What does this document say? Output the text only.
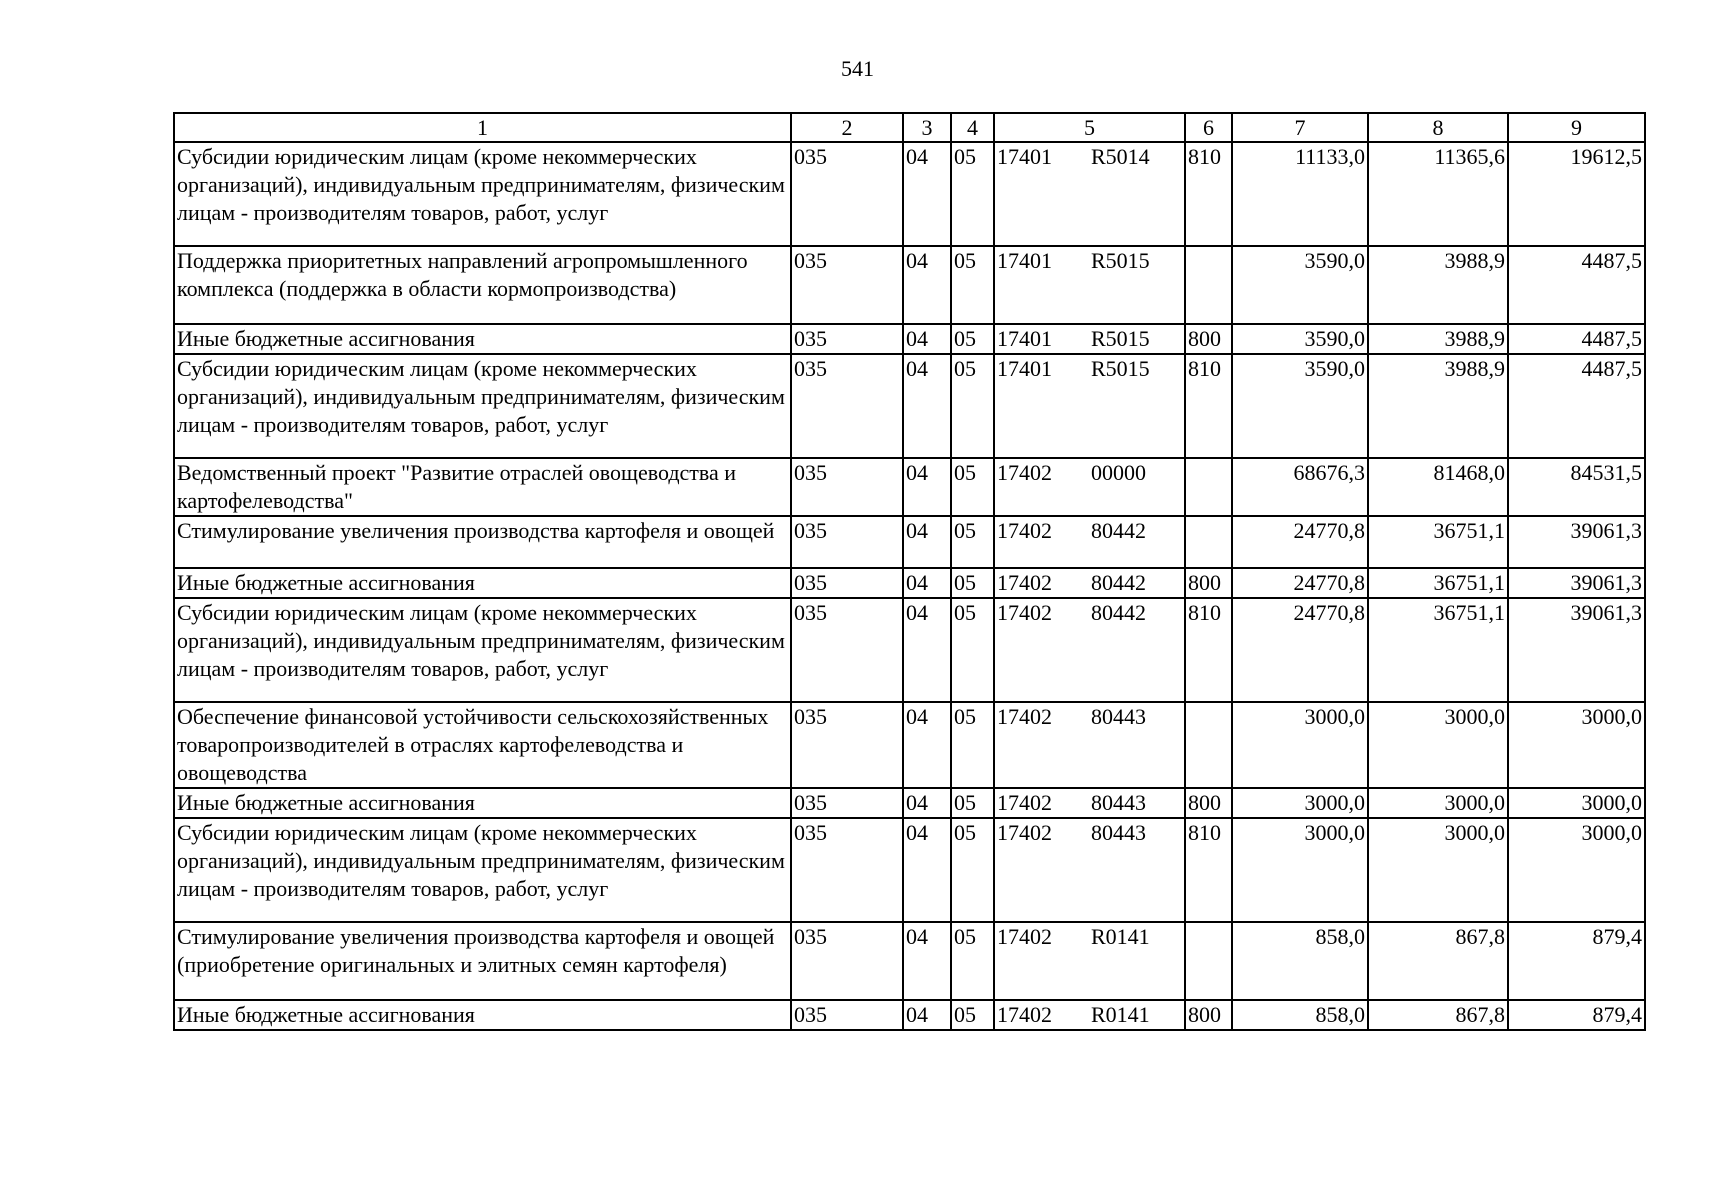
541
1	2	3	4	5	6	7	8	9
Субсидии юридическим лицам (кроме некоммерческих организаций), индивидуальным предпринимателям, физическим лицам - производителям товаров, работ, услуг	035	04	05	17401 R5014	810	11133,0	11365,6	19612,5
Поддержка приоритетных направлений агропромышленного комплекса (поддержка в области кормопроизводства)	035	04	05	17401 R5015		3590,0	3988,9	4487,5
Иные бюджетные ассигнования	035	04	05	17401 R5015	800	3590,0	3988,9	4487,5
Субсидии юридическим лицам (кроме некоммерческих организаций), индивидуальным предпринимателям, физическим лицам - производителям товаров, работ, услуг	035	04	05	17401 R5015	810	3590,0	3988,9	4487,5
Ведомственный проект "Развитие отраслей овощеводства и картофелеводства"	035	04	05	17402 00000		68676,3	81468,0	84531,5
Стимулирование увеличения производства картофеля и овощей	035	04	05	17402 80442		24770,8	36751,1	39061,3
Иные бюджетные ассигнования	035	04	05	17402 80442	800	24770,8	36751,1	39061,3
Субсидии юридическим лицам (кроме некоммерческих организаций), индивидуальным предпринимателям, физическим лицам - производителям товаров, работ, услуг	035	04	05	17402 80442	810	24770,8	36751,1	39061,3
Обеспечение финансовой устойчивости сельскохозяйственных товаропроизводителей в отраслях картофелеводства и овощеводства	035	04	05	17402 80443		3000,0	3000,0	3000,0
Иные бюджетные ассигнования	035	04	05	17402 80443	800	3000,0	3000,0	3000,0
Субсидии юридическим лицам (кроме некоммерческих организаций), индивидуальным предпринимателям, физическим лицам - производителям товаров, работ, услуг	035	04	05	17402 80443	810	3000,0	3000,0	3000,0
Стимулирование увеличения производства картофеля и овощей (приобретение оригинальных и элитных семян картофеля)	035	04	05	17402 R0141		858,0	867,8	879,4
Иные бюджетные ассигнования	035	04	05	17402 R0141	800	858,0	867,8	879,4
